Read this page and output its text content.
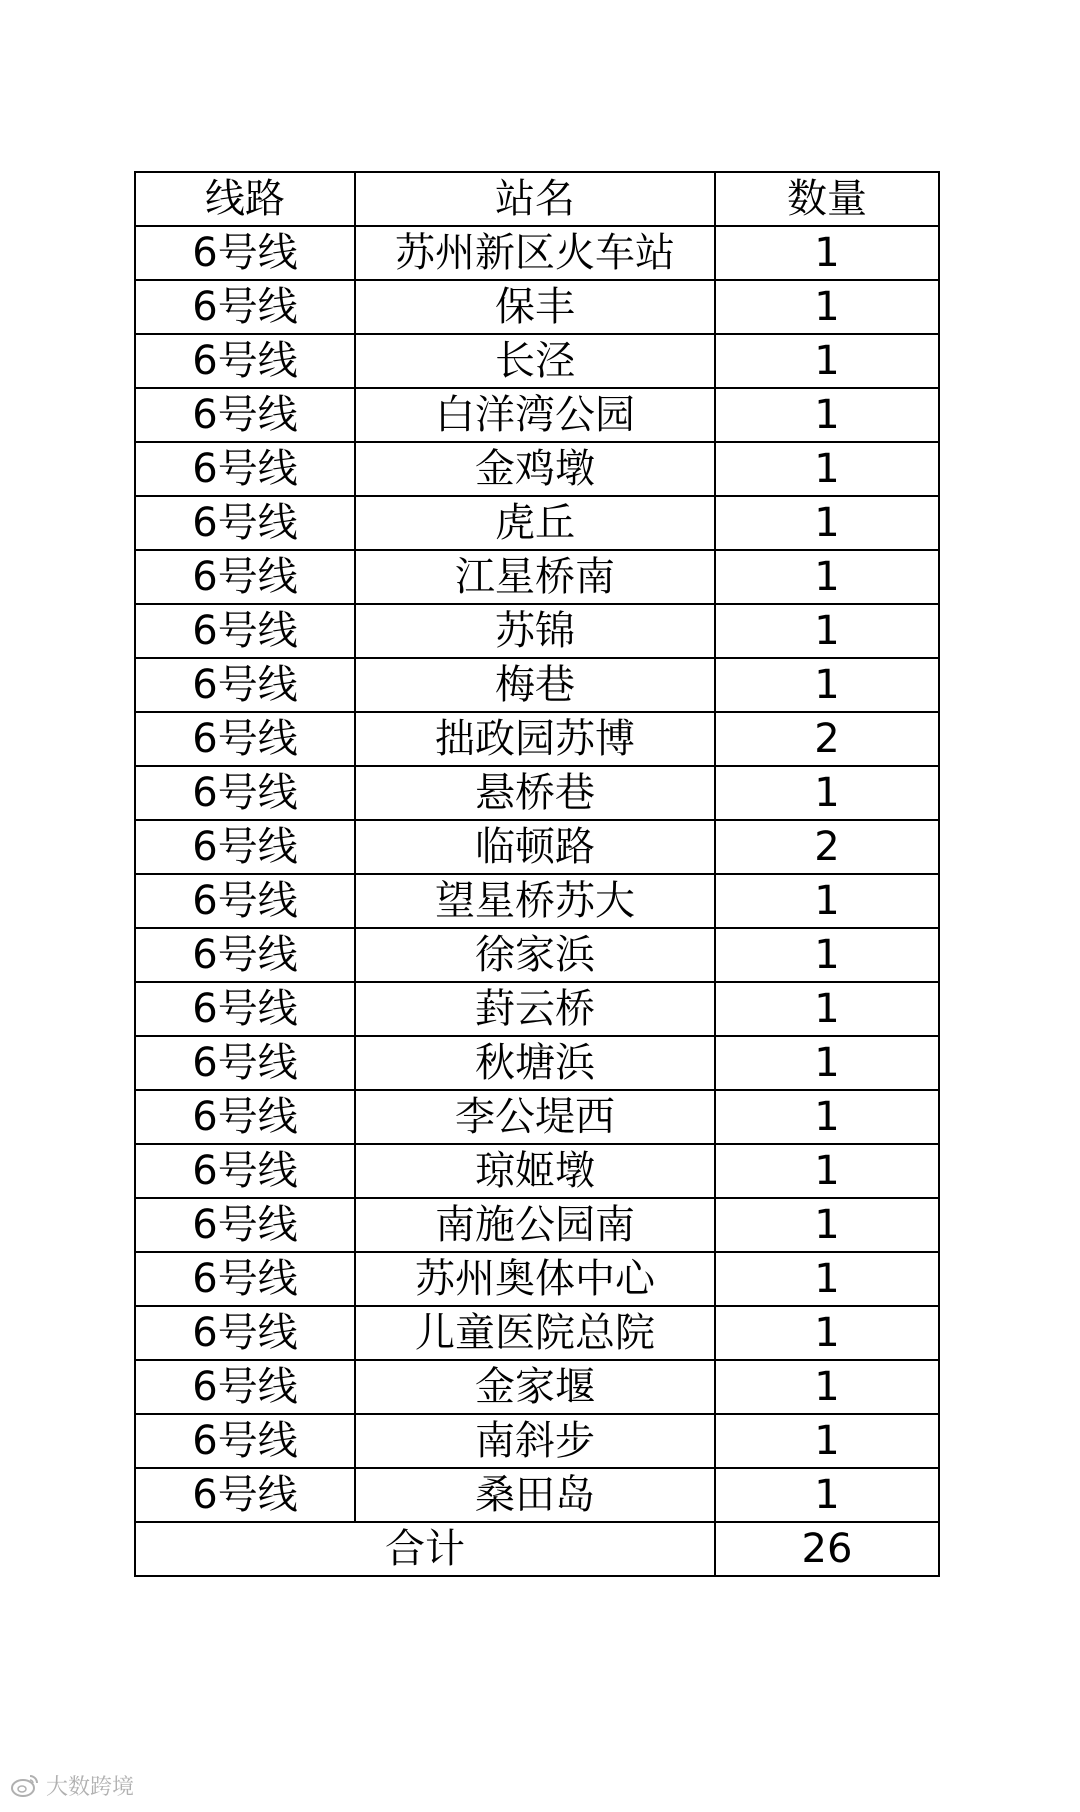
线路	站名	数量
6号线	苏州新区火车站	1
6号线	保丰	1
6号线	长泾	1
6号线	白洋湾公园	1
6号线	金鸡墩	1
6号线	虎丘	1
6号线	江星桥南	1
6号线	苏锦	1
6号线	梅巷	1
6号线	拙政园苏博	2
6号线	悬桥巷	1
6号线	临顿路	2
6号线	望星桥苏大	1
6号线	徐家浜	1
6号线	葑云桥	1
6号线	秋塘浜	1
6号线	李公堤西	1
6号线	琼姬墩	1
6号线	南施公园南	1
6号线	苏州奥体中心	1
6号线	儿童医院总院	1
6号线	金家堰	1
6号线	南斜步	1
6号线	桑田岛	1
合计		26
大数跨境
